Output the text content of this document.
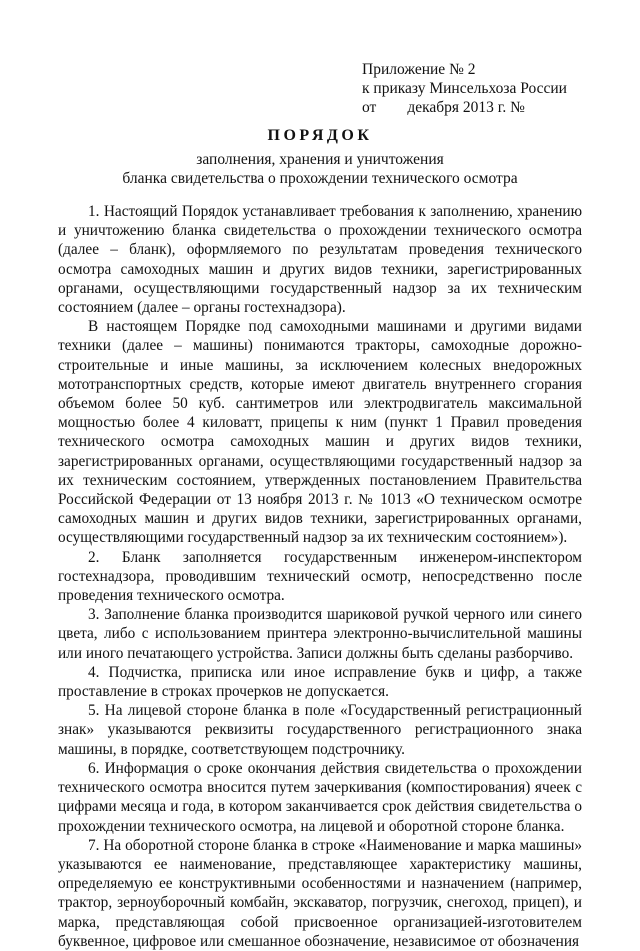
Приложение № 2
к приказу Минсельхоза России
от        декабря 2013 г. №
ПОРЯДОК
заполнения, хранения и уничтожения
бланка свидетельства о прохождении технического осмотра

1. Настоящий Порядок устанавливает требования к заполнению, хранению и уничтожению бланка свидетельства о прохождении технического осмотра (далее – бланк), оформляемого по результатам проведения технического осмотра самоходных машин и других видов техники, зарегистрированных органами, осуществляющими государственный надзор за их техническим состоянием (далее – органы гостехнадзора).

В настоящем Порядке под самоходными машинами и другими видами техники (далее – машины) понимаются тракторы, самоходные дорожно-строительные и иные машины, за исключением колесных внедорожных мототранспортных средств, которые имеют двигатель внутреннего сгорания объемом более 50 куб. сантиметров или электродвигатель максимальной мощностью более 4 киловатт, прицепы к ним (пункт 1 Правил проведения технического осмотра самоходных машин и других видов техники, зарегистрированных органами, осуществляющими государственный надзор за их техническим состоянием, утвержденных постановлением Правительства Российской Федерации от 13 ноября 2013 г. № 1013 «О техническом осмотре самоходных машин и других видов техники, зарегистрированных органами, осуществляющими государственный надзор за их техническим состоянием»).

2. Бланк заполняется государственным инженером-инспектором гостехнадзора, проводившим технический осмотр, непосредственно после проведения технического осмотра.

3. Заполнение бланка производится шариковой ручкой черного или синего цвета, либо с использованием принтера электронно-вычислительной машины или иного печатающего устройства. Записи должны быть сделаны разборчиво.

4. Подчистка, приписка или иное исправление букв и цифр, а также проставление в строках прочерков не допускается.

5. На лицевой стороне бланка в поле «Государственный регистрационный знак» указываются реквизиты государственного регистрационного знака машины, в порядке, соответствующем подстрочнику.

6. Информация о сроке окончания действия свидетельства о прохождении технического осмотра вносится путем зачеркивания (компостирования) ячеек с цифрами месяца и года, в котором заканчивается срок действия свидетельства о прохождении технического осмотра, на лицевой и оборотной стороне бланка.

7. На оборотной стороне бланка в строке «Наименование и марка машины» указываются ее наименование, представляющее характеристику машины, определяемую ее конструктивными особенностями и назначением (например, трактор, зерноуборочный комбайн, экскаватор, погрузчик, снегоход, прицеп), и марка, представляющая собой присвоенное организацией-изготовителем буквенное, цифровое или смешанное обозначение, независимое от обозначения
